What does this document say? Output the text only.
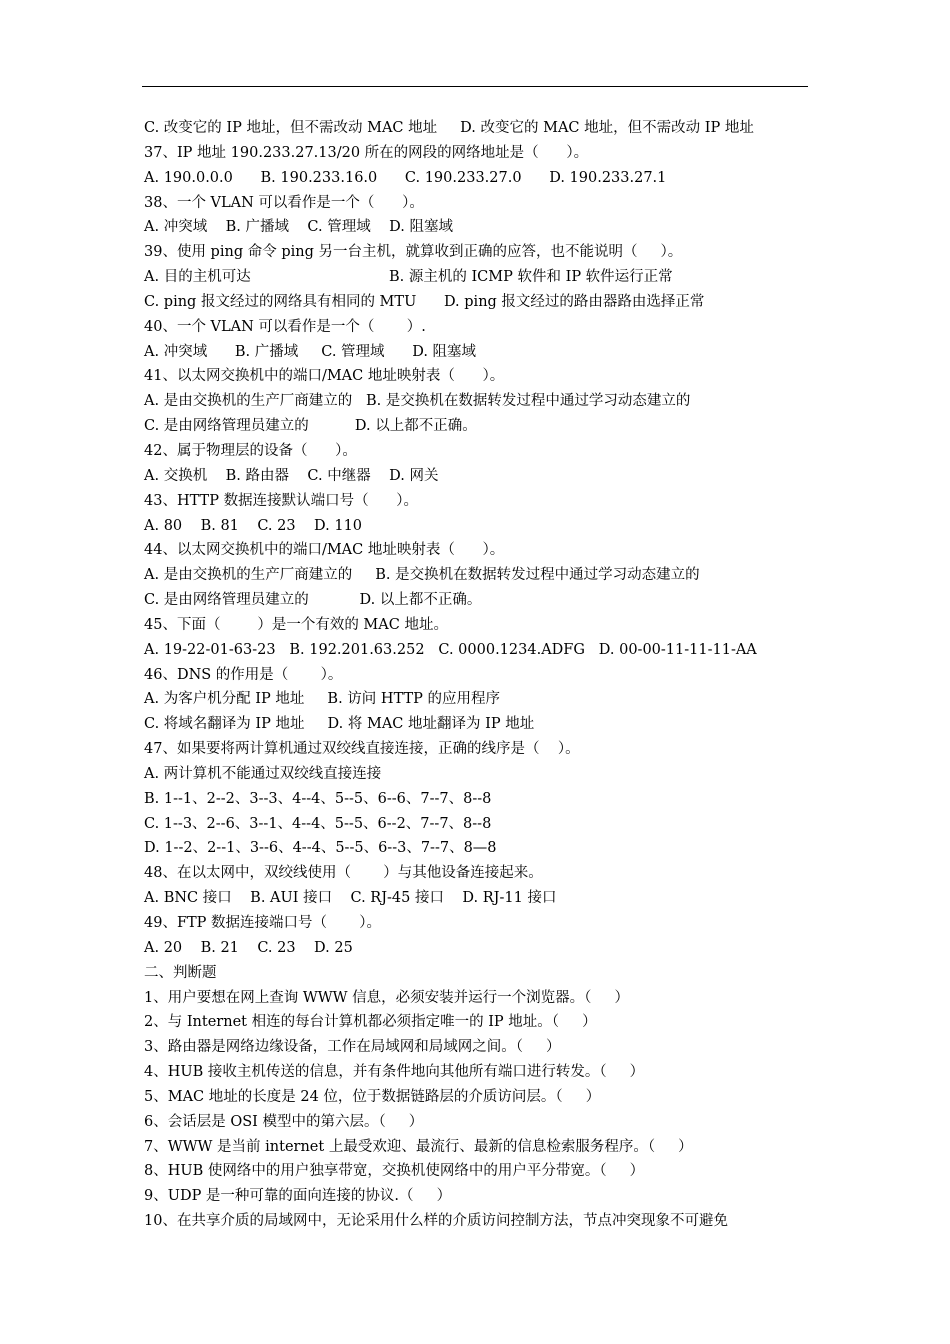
C. 改变它的 IP 地址，但不需改动 MAC 地址     D. 改变它的 MAC 地址，但不需改动 IP 地址
37、IP 地址 190.233.27.13/20 所在的网段的网络地址是（      ）。
A. 190.0.0.0      B. 190.233.16.0      C. 190.233.27.0      D. 190.233.27.1
38、一个 VLAN 可以看作是一个（      ）。
A. 冲突域    B. 广播域    C. 管理域    D. 阻塞域
39、使用 ping 命令 ping 另一台主机，就算收到正确的应答，也不能说明（     ）。
A. 目的主机可达                              B. 源主机的 ICMP 软件和 IP 软件运行正常
C. ping 报文经过的网络具有相同的 MTU      D. ping 报文经过的路由器路由选择正常
40、一个 VLAN 可以看作是一个（       ）.
A. 冲突域      B. 广播域     C. 管理域      D. 阻塞域
41、以太网交换机中的端口/MAC 地址映射表（      ）。
A. 是由交换机的生产厂商建立的   B. 是交换机在数据转发过程中通过学习动态建立的
C. 是由网络管理员建立的          D. 以上都不正确。
42、属于物理层的设备（      ）。
A. 交换机    B. 路由器    C. 中继器    D. 网关
43、HTTP 数据连接默认端口号（      ）。
A. 80    B. 81    C. 23    D. 110
44、以太网交换机中的端口/MAC 地址映射表（      ）。
A. 是由交换机的生产厂商建立的     B. 是交换机在数据转发过程中通过学习动态建立的
C. 是由网络管理员建立的           D. 以上都不正确。
45、下面（        ）是一个有效的 MAC 地址。
A. 19-22-01-63-23   B. 192.201.63.252   C. 0000.1234.ADFG   D. 00-00-11-11-11-AA
46、DNS 的作用是（       ）。
A. 为客户机分配 IP 地址     B. 访问 HTTP 的应用程序
C. 将域名翻译为 IP 地址     D. 将 MAC 地址翻译为 IP 地址
47、如果要将两计算机通过双绞线直接连接，正确的线序是（    ）。
A. 两计算机不能通过双绞线直接连接
B. 1--1、2--2、3--3、4--4、5--5、6--6、7--7、8--8
C. 1--3、2--6、3--1、4--4、5--5、6--2、7--7、8--8
D. 1--2、2--1、3--6、4--4、5--5、6--3、7--7、8—8
48、在以太网中，双绞线使用（       ）与其他设备连接起来。
A. BNC 接口    B. AUI 接口    C. RJ-45 接口    D. RJ-11 接口
49、FTP 数据连接端口号（       ）。
A. 20    B. 21    C. 23    D. 25
二、判断题
1、用户要想在网上查询 WWW 信息，必须安装并运行一个浏览器。（     ）
2、与 Internet 相连的每台计算机都必须指定唯一的 IP 地址。（     ）
3、路由器是网络边缘设备，工作在局域网和局域网之间。（     ）
4、HUB 接收主机传送的信息，并有条件地向其他所有端口进行转发。（     ）
5、MAC 地址的长度是 24 位，位于数据链路层的介质访问层。（     ）
6、会话层是 OSI 模型中的第六层。（     ）
7、WWW 是当前 internet 上最受欢迎、最流行、最新的信息检索服务程序。（     ）
8、HUB 使网络中的用户独享带宽，交换机使网络中的用户平分带宽。（     ）
9、UDP 是一种可靠的面向连接的协议.（     ）
10、在共享介质的局域网中，无论采用什么样的介质访问控制方法，节点冲突现象不可避免
